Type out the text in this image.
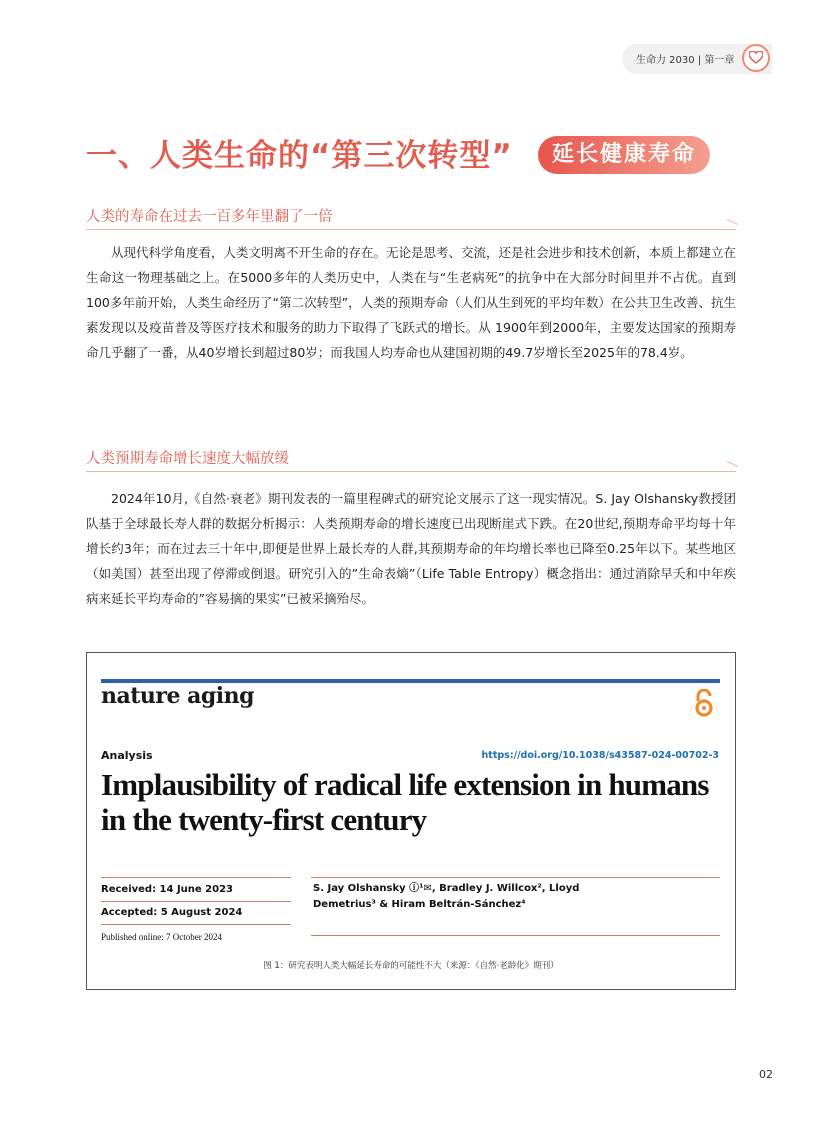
生命力 2030 | 第一章
一、人类生命的“第三次转型”	延长健康寿命
人类的寿命在过去一百多年里翻了一倍

从现代科学角度看，人类文明离不开生命的存在。无论是思考、交流，还是社会进步和技术创新，本质上都建立在生命这一物理基础之上。在5000多年的人类历史中，人类在与“生老病死”的抗争中在大部分时间里并不占优。直到100多年前开始，人类生命经历了“第二次转型”，人类的预期寿命（人们从生到死的平均年数）在公共卫生改善、抗生素发现以及疫苗普及等医疗技术和服务的助力下取得了飞跃式的增长。从 1900年到2000年，主要发达国家的预期寿命几乎翻了一番，从40岁增长到超过80岁；而我国人均寿命也从建国初期的49.7岁增长至2025年的78.4岁。

人类预期寿命增长速度大幅放缓

2024年10月,《自然·衰老》期刊发表的一篇里程碑式的研究论文展示了这一现实情况。S. Jay Olshansky教授团队基于全球最长寿人群的数据分析揭示：人类预期寿命的增长速度已出现断崖式下跌。在20世纪,预期寿命平均每十年增长约3年；而在过去三十年中,即便是世界上最长寿的人群,其预期寿命的年均增长率也已降至0.25年以下。某些地区（如美国）甚至出现了停滞或倒退。研究引入的”生命表熵”（Life Table Entropy）概念指出：通过消除早夭和中年疾病来延长平均寿命的”容易摘的果实”已被采摘殆尽。

nature aging
Analysis	https://doi.org/10.1038/s43587-024-00702-3
Implausibility of radical life extension in humans in the twenty-first century
Received: 14 June 2023
Accepted: 5 August 2024
Published online: 7 October 2024
S. Jay Olshansky ⓘ¹✉, Bradley J. Willcox², Lloyd Demetrius³ & Hiram Beltrán-Sánchez⁴
图 1：研究表明人类大幅延长寿命的可能性不大（来源：《自然·老龄化》期刊）
02
